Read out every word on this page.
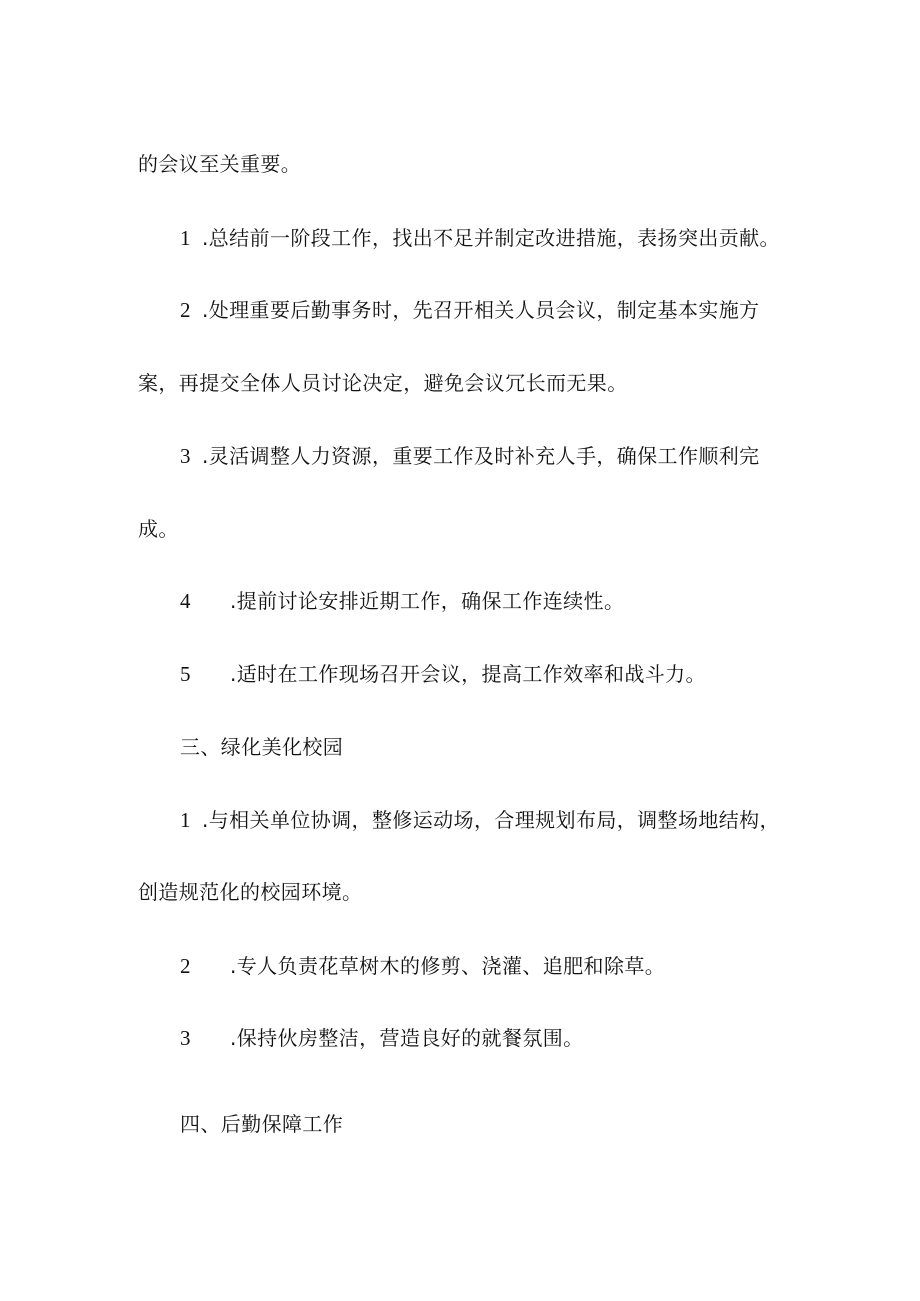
的会议至关重要。
1 .总结前一阶段工作，找出不足并制定改进措施，表扬突出贡献。
2 .处理重要后勤事务时，先召开相关人员会议，制定基本实施方
案，再提交全体人员讨论决定，避免会议冗长而无果。
3 .灵活调整人力资源，重要工作及时补充人手，确保工作顺利完
成。
4 .提前讨论安排近期工作，确保工作连续性。
5 .适时在工作现场召开会议，提高工作效率和战斗力。
三、绿化美化校园
1 .与相关单位协调，整修运动场，合理规划布局，调整场地结构，
创造规范化的校园环境。
2 .专人负责花草树木的修剪、浇灌、追肥和除草。
3 .保持伙房整洁，营造良好的就餐氛围。
四、后勤保障工作
